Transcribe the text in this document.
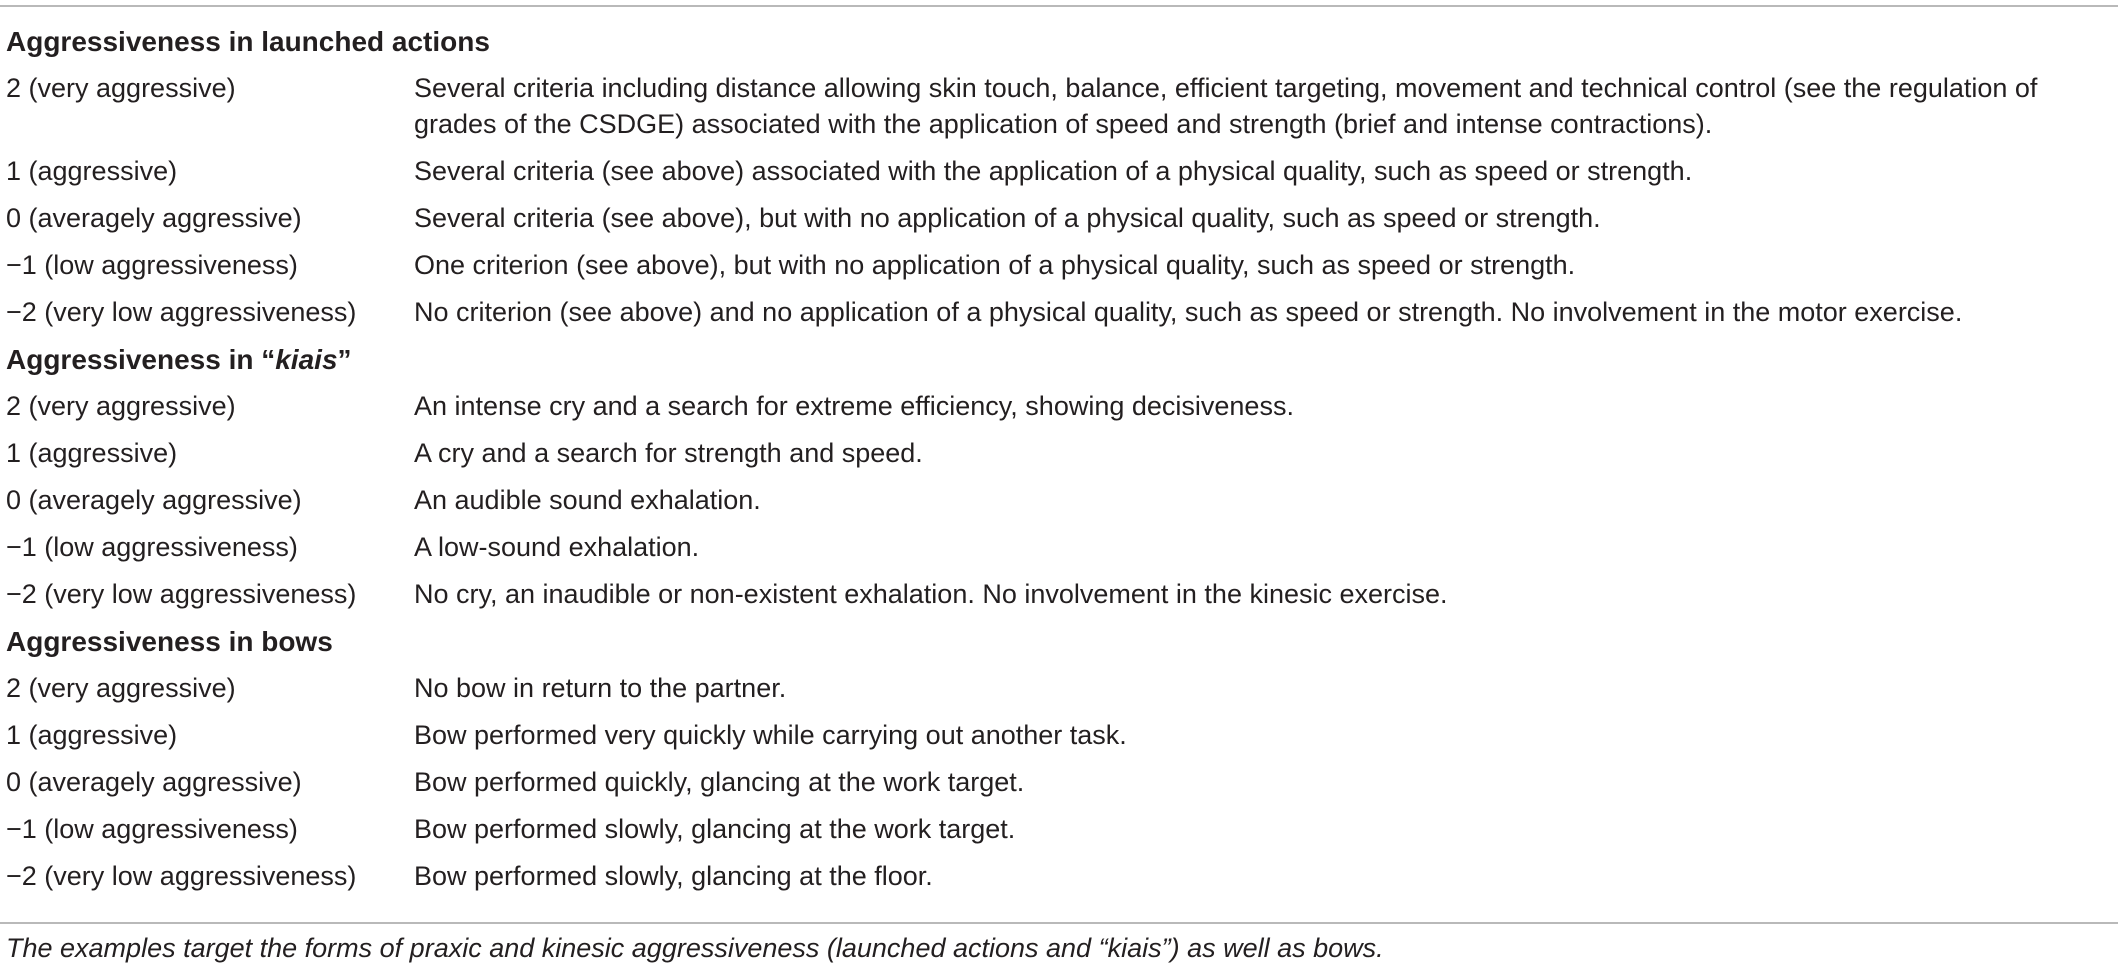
Aggressiveness in launched actions
2 (very aggressive)	Several criteria including distance allowing skin touch, balance, efficient targeting, movement and technical control (see the regulation of grades of the CSDGE) associated with the application of speed and strength (brief and intense contractions).
1 (aggressive)	Several criteria (see above) associated with the application of a physical quality, such as speed or strength.
0 (averagely aggressive)	Several criteria (see above), but with no application of a physical quality, such as speed or strength.
−1 (low aggressiveness)	One criterion (see above), but with no application of a physical quality, such as speed or strength.
−2 (very low aggressiveness)	No criterion (see above) and no application of a physical quality, such as speed or strength. No involvement in the motor exercise.
Aggressiveness in “kiais”
2 (very aggressive)	An intense cry and a search for extreme efficiency, showing decisiveness.
1 (aggressive)	A cry and a search for strength and speed.
0 (averagely aggressive)	An audible sound exhalation.
−1 (low aggressiveness)	A low-sound exhalation.
−2 (very low aggressiveness)	No cry, an inaudible or non-existent exhalation. No involvement in the kinesic exercise.
Aggressiveness in bows
2 (very aggressive)	No bow in return to the partner.
1 (aggressive)	Bow performed very quickly while carrying out another task.
0 (averagely aggressive)	Bow performed quickly, glancing at the work target.
−1 (low aggressiveness)	Bow performed slowly, glancing at the work target.
−2 (very low aggressiveness)	Bow performed slowly, glancing at the floor.
The examples target the forms of praxic and kinesic aggressiveness (launched actions and “kiais”) as well as bows.
